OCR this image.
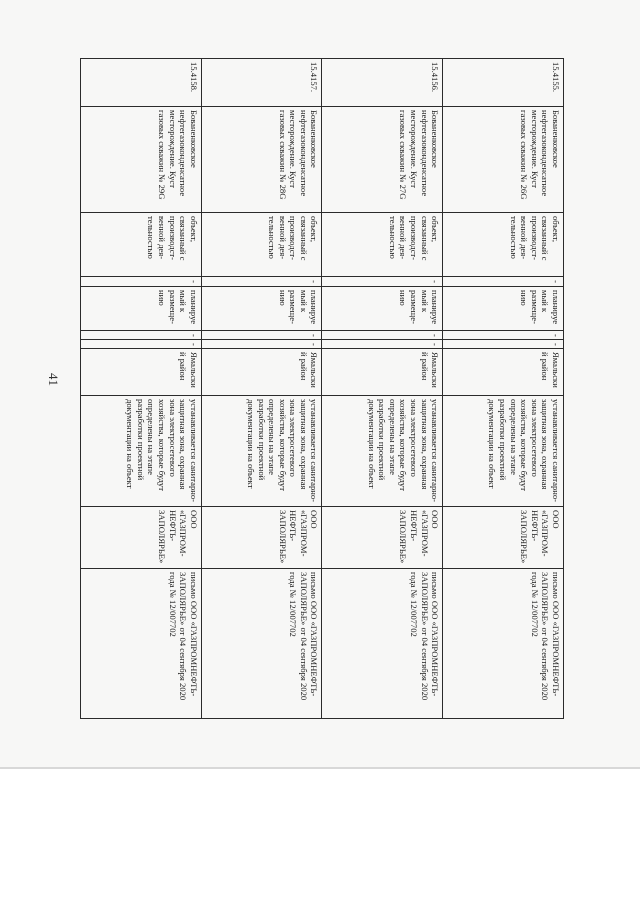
41
15.4155.	Бованенковское нефтегазоконденсатное месторождение. Куст газовых скважин № 26G	объект, связанный с производст-венной дея-тельностью	-	планируемый к размеще-нию	-	-	Ямальский район	устанавливается санитарно-защитная зона, охранная зона электросетевого хозяйства, которые будут определены на этапе разработки проектной документации на объект	ООО «ГАЗПРОМ-НЕФТЬ-ЗАПОЛЯРЬЕ»	письмо ООО «ГАЗПРОМНЕФТЬ-ЗАПОЛЯРЬЕ» от 04 сентября 2020 года № 12/007702
15.4156.	Бованенковское нефтегазоконденсатное месторождение. Куст газовых скважин № 27G	объект, связанный с производст-венной дея-тельностью	-	планируемый к размеще-нию	-	-	Ямальский район	устанавливается санитарно-защитная зона, охранная зона электросетевого хозяйства, которые будут определены на этапе разработки проектной документации на объект	ООО «ГАЗПРОМ-НЕФТЬ-ЗАПОЛЯРЬЕ»	письмо ООО «ГАЗПРОМНЕФТЬ-ЗАПОЛЯРЬЕ» от 04 сентября 2020 года № 12/007702
15.4157.	Бованенковское нефтегазоконденсатное месторождение. Куст газовых скважин № 28G	объект, связанный с производст-венной дея-тельностью	-	планируемый к размеще-нию	-	-	Ямальский район	устанавливается санитарно-защитная зона, охранная зона электросетевого хозяйства, которые будут определены на этапе разработки проектной документации на объект	ООО «ГАЗПРОМ-НЕФТЬ-ЗАПОЛЯРЬЕ»	письмо ООО «ГАЗПРОМНЕФТЬ-ЗАПОЛЯРЬЕ» от 04 сентября 2020 года № 12/007702
15.4158.	Бованенковское нефтегазоконденсатное месторождение. Куст газовых скважин № 29G	объект, связанный с производст-венной дея-тельностью	-	планируемый к размеще-нию	-	-	Ямальский район	устанавливается санитарно-защитная зона, охранная зона электросетевого хозяйства, которые будут определены на этапе разработки проектной документации на объект	ООО «ГАЗПРОМ-НЕФТЬ-ЗАПОЛЯРЬЕ»	письмо ООО «ГАЗПРОМНЕФТЬ-ЗАПОЛЯРЬЕ» от 04 сентября 2020 года № 12/007702
